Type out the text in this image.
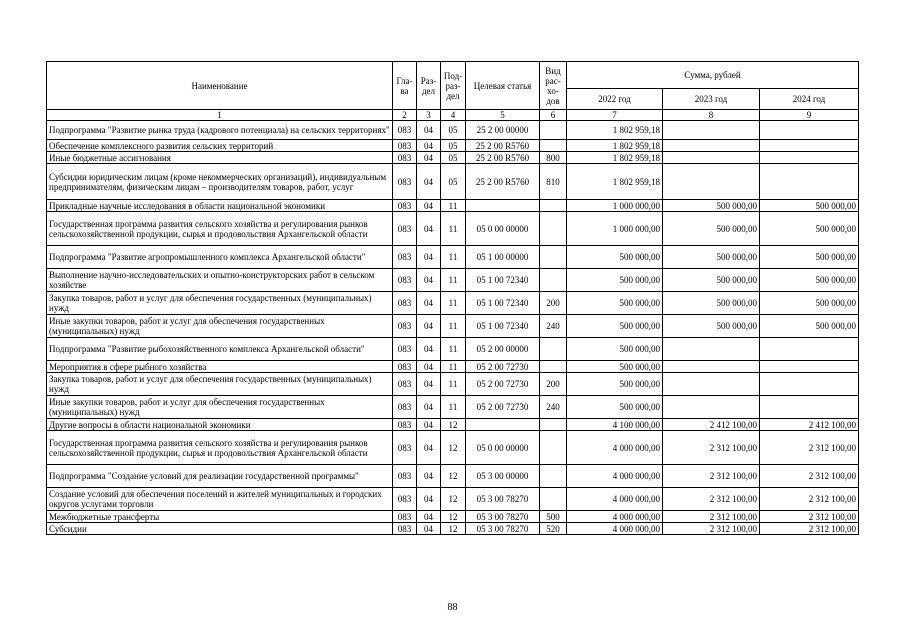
Наименование	Гла-ва	Раз-дел	Под-раз-дел	Целевая статья	Вид рас-хо-дов	Сумма, рублей		
						2022 год	2023 год	2024 год
1	2	3	4	5	6	7	8	9
Подпрограмма "Развитие рынка труда (кадрового потенциала) на сельских территориях"	083	04	05	25 2 00 00000		1 802 959,18		
Обеспечение комплексного развития сельских территорий	083	04	05	25 2 00 R5760		1 802 959,18		
Иные бюджетные ассигнования	083	04	05	25 2 00 R5760	800	1 802 959,18		
Субсидии юридическим лицам (кроме некоммерческих организаций), индивидуальным предпринимателям, физическим лицам – производителям товаров, работ, услуг	083	04	05	25 2 00 R5760	810	1 802 959,18		
Прикладные научные исследования в области национальной экономики	083	04	11			1 000 000,00	500 000,00	500 000,00
Государственная программа развития сельского хозяйства и регулирования рынков сельскохозяйственной продукции, сырья и продовольствия Архангельской области	083	04	11	05 0 00 00000		1 000 000,00	500 000,00	500 000,00
Подпрограмма "Развитие агропромышленного комплекса Архангельской области"	083	04	11	05 1 00 00000		500 000,00	500 000,00	500 000,00
Выполнение научно-исследовательских и опытно-конструкторских работ в сельском хозяйстве	083	04	11	05 1 00 72340		500 000,00	500 000,00	500 000,00
Закупка товаров, работ и услуг для обеспечения государственных (муниципальных) нужд	083	04	11	05 1 00 72340	200	500 000,00	500 000,00	500 000,00
Иные закупки товаров, работ и услуг для обеспечения государственных (муниципальных) нужд	083	04	11	05 1 00 72340	240	500 000,00	500 000,00	500 000,00
Подпрограмма "Развитие рыбохозяйственного комплекса Архангельской области"	083	04	11	05 2 00 00000		500 000,00		
Мероприятия в сфере рыбного хозяйства	083	04	11	05 2 00 72730		500 000,00		
Закупка товаров, работ и услуг для обеспечения государственных (муниципальных) нужд	083	04	11	05 2 00 72730	200	500 000,00		
Иные закупки товаров, работ и услуг для обеспечения государственных (муниципальных) нужд	083	04	11	05 2 00 72730	240	500 000,00		
Другие вопросы в области национальной экономики	083	04	12			4 100 000,00	2 412 100,00	2 412 100,00
Государственная программа развития сельского хозяйства и регулирования рынков сельскохозяйственной продукции, сырья и продовольствия Архангельской области	083	04	12	05 0 00 00000		4 000 000,00	2 312 100,00	2 312 100,00
Подпрограмма "Создание условий для реализации государственной программы"	083	04	12	05 3 00 00000		4 000 000,00	2 312 100,00	2 312 100,00
Создание условий для обеспечения поселений и жителей муниципальных и городских округов услугами торговли	083	04	12	05 3 00 78270		4 000 000,00	2 312 100,00	2 312 100,00
Межбюджетные трансферты	083	04	12	05 3 00 78270	500	4 000 000,00	2 312 100,00	2 312 100,00
Субсидии	083	04	12	05 3 00 78270	520	4 000 000,00	2 312 100,00	2 312 100,00
88
